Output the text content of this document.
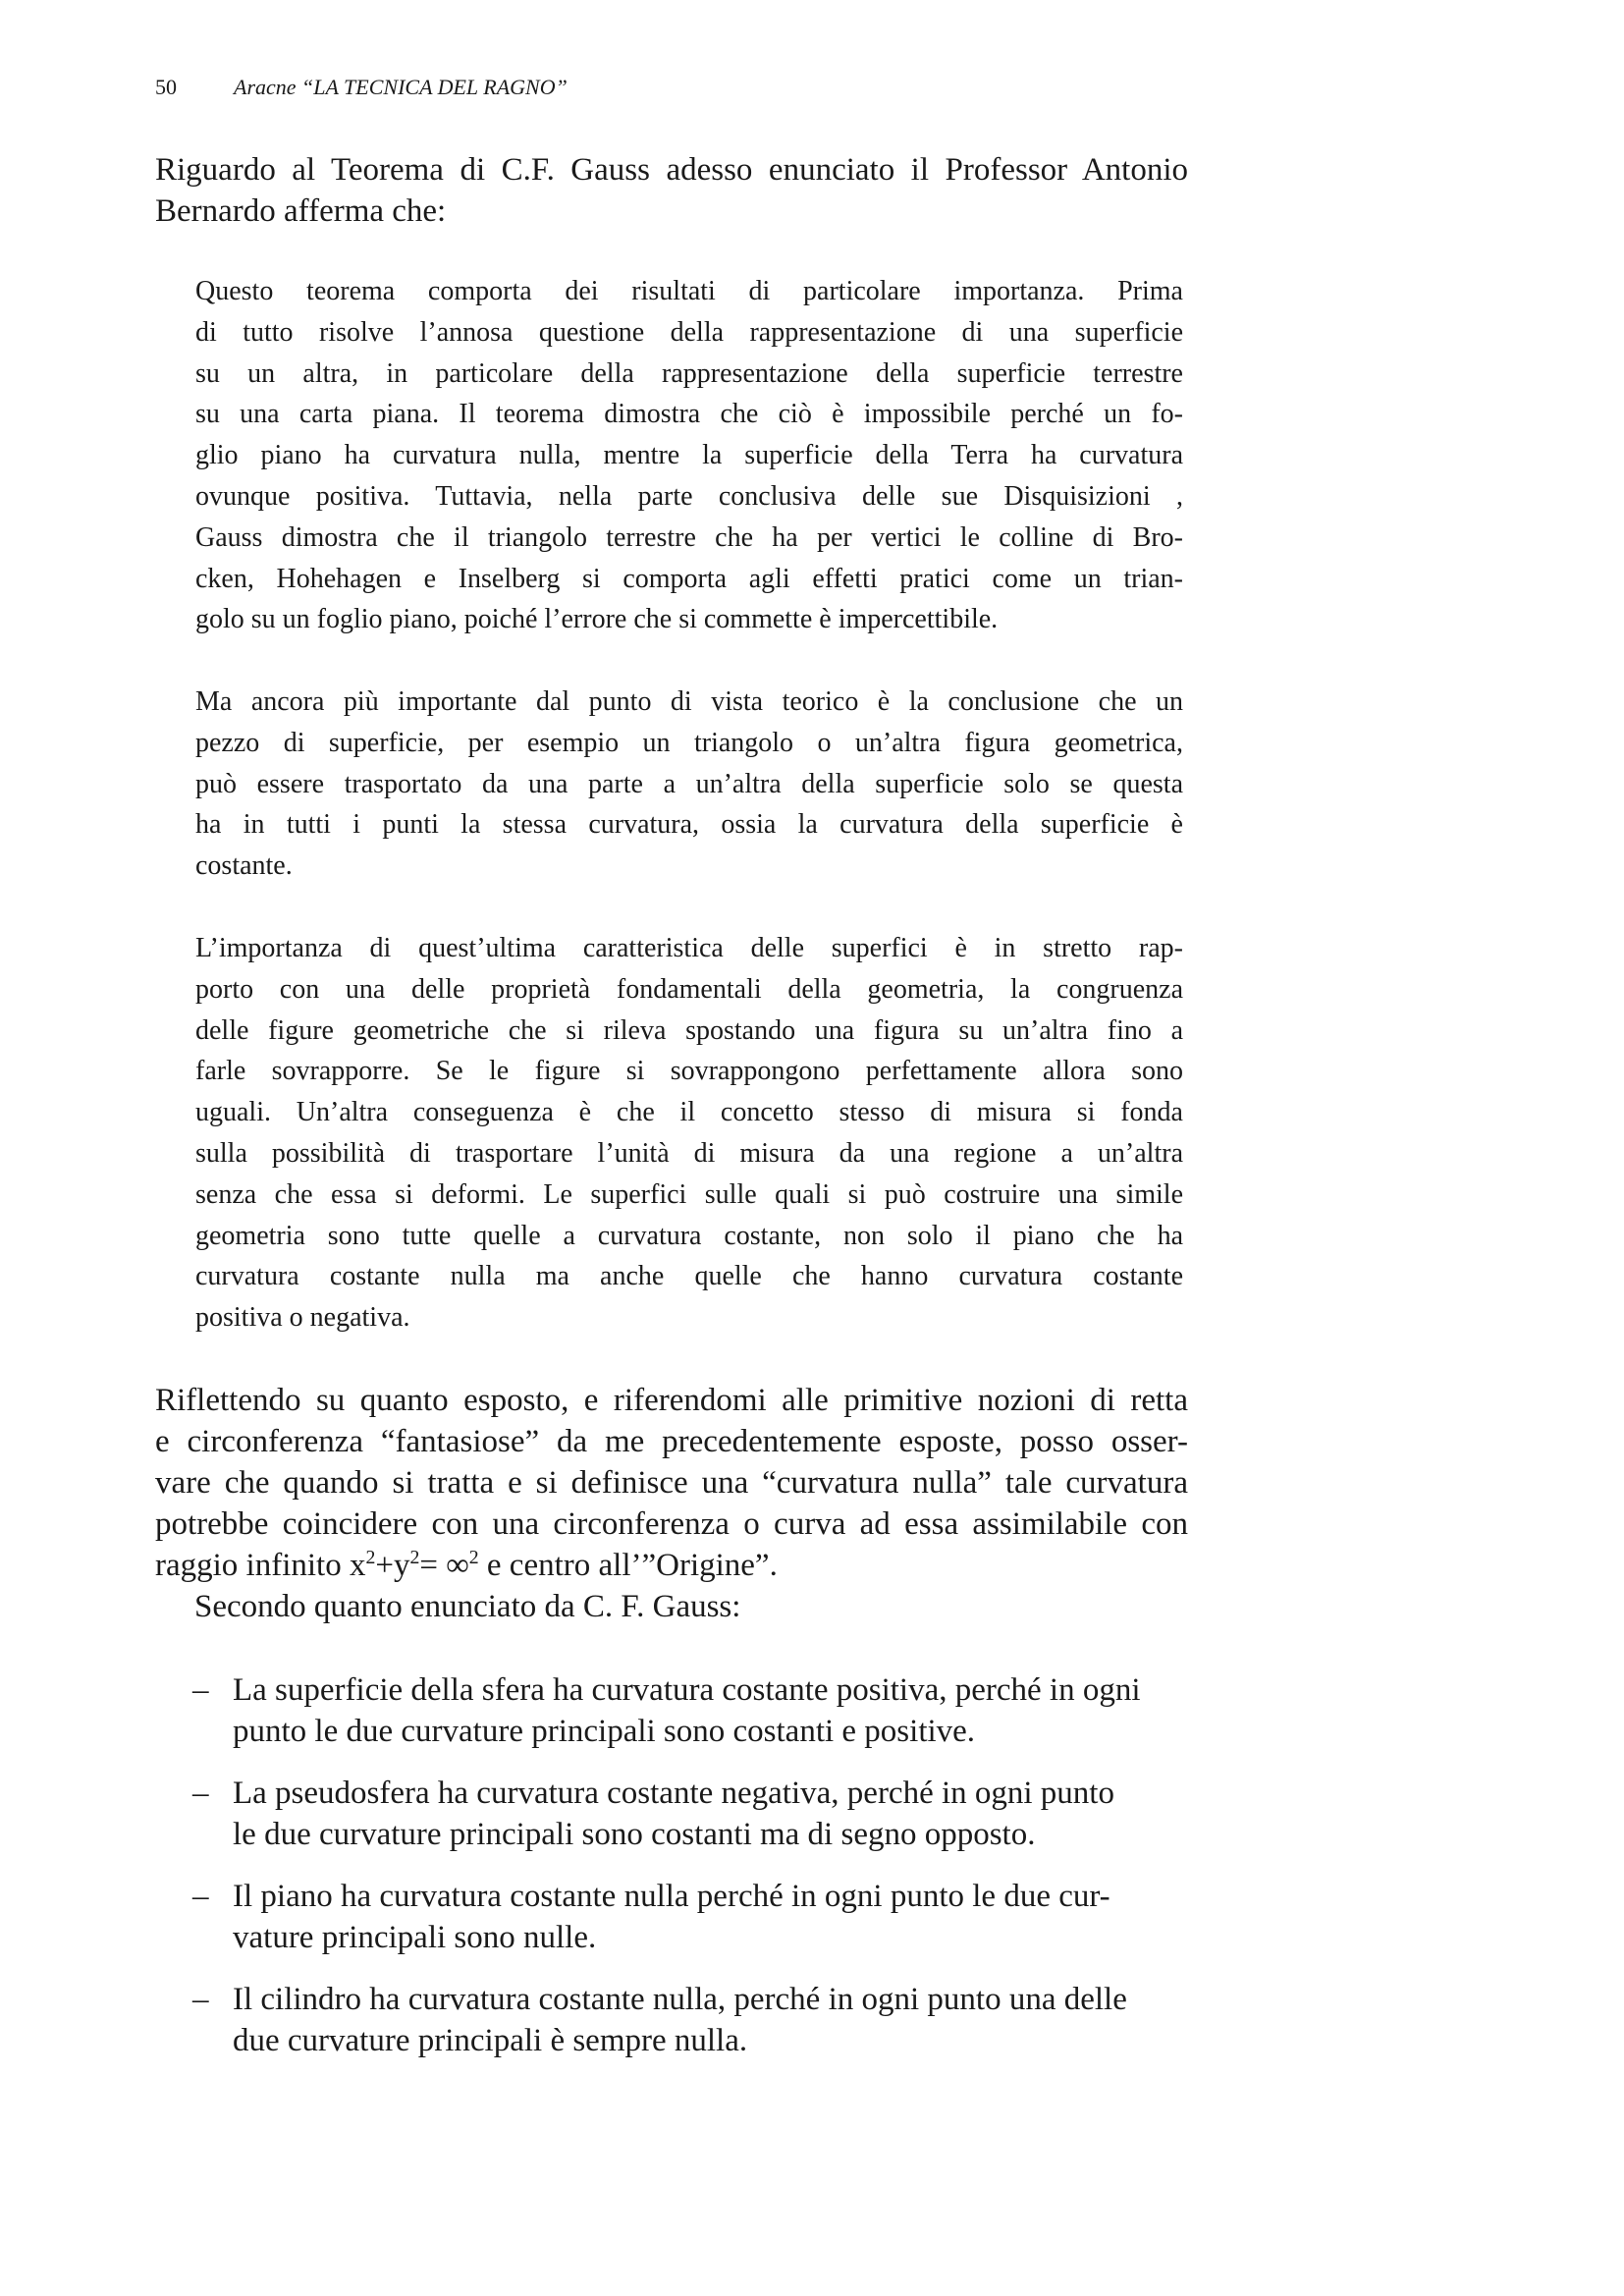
50	Aracne “LA TECNICA DEL RAGNO”
Riguardo al Teorema di C.F. Gauss adesso enunciato il Professor Antonio
Bernardo afferma che:
Questo teorema comporta dei risultati di particolare importanza. Prima
di tutto risolve l’annosa questione della rappresentazione di una superficie
su un altra, in particolare della rappresentazione della superficie terrestre
su una carta piana. Il teorema dimostra che ciò è impossibile perché un fo-
glio piano ha curvatura nulla, mentre la superficie della Terra ha curvatura
ovunque positiva. Tuttavia, nella parte conclusiva delle sue Disquisizioni ,
Gauss dimostra che il triangolo terrestre che ha per vertici le colline di Bro-
cken, Hohehagen e Inselberg si comporta agli effetti pratici come un trian-
golo su un foglio piano, poiché l’errore che si commette è impercettibile.
Ma ancora più importante dal punto di vista teorico è la conclusione che un
pezzo di superficie, per esempio un triangolo o un’altra figura geometrica,
può essere trasportato da una parte a un’altra della superficie solo se questa
ha in tutti i punti la stessa curvatura, ossia la curvatura della superficie è
costante.
L’importanza di quest’ultima caratteristica delle superfici è in stretto rap-
porto con una delle proprietà fondamentali della geometria, la congruenza
delle figure geometriche che si rileva spostando una figura su un’altra fino a
farle sovrapporre. Se le figure si sovrappongono perfettamente allora sono
uguali. Un’altra conseguenza è che il concetto stesso di misura si fonda
sulla possibilità di trasportare l’unità di misura da una regione a un’altra
senza che essa si deformi. Le superfici sulle quali si può costruire una simile
geometria sono tutte quelle a curvatura costante, non solo il piano che ha
curvatura costante nulla ma anche quelle che hanno curvatura costante
positiva o negativa.
Riflettendo su quanto esposto, e riferendomi alle primitive nozioni di retta
e circonferenza “fantasiose” da me precedentemente esposte, posso osser-
vare che quando si tratta e si definisce una “curvatura nulla” tale curvatura
potrebbe coincidere con una circonferenza o curva ad essa assimilabile con
raggio infinito $x^2+y^2= \infty^2$ e centro all’”Origine”.
Secondo quanto enunciato da C. F. Gauss:
– La superficie della sfera ha curvatura costante positiva, perché in ogni
punto le due curvature principali sono costanti e positive.
– La pseudosfera ha curvatura costante negativa, perché in ogni punto
le due curvature principali sono costanti ma di segno opposto.
– Il piano ha curvatura costante nulla perché in ogni punto le due cur-
vature principali sono nulle.
– Il cilindro ha curvatura costante nulla, perché in ogni punto una delle
due curvature principali è sempre nulla.
